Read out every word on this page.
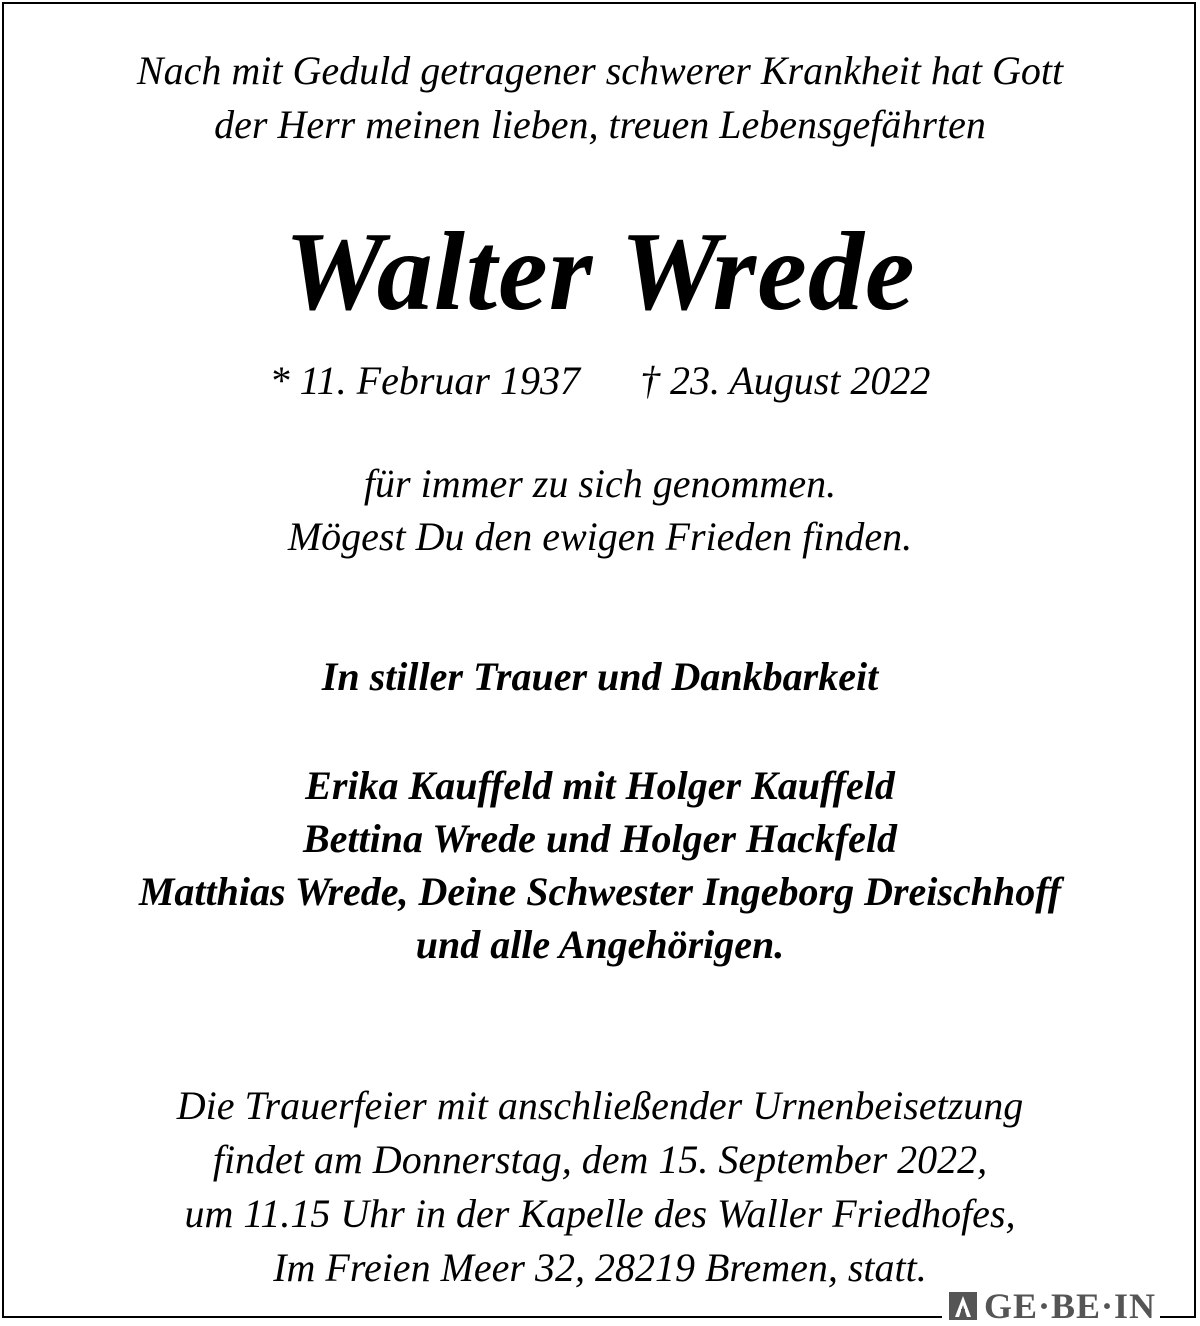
Nach mit Geduld getragener schwerer Krankheit hat Gott
der Herr meinen lieben, treuen Lebensgefährten
Walter Wrede
* 11. Februar 1937 † 23. August 2022
für immer zu sich genommen.
Mögest Du den ewigen Frieden finden.
In stiller Trauer und Dankbarkeit
Erika Kauffeld mit Holger Kauffeld
Bettina Wrede und Holger Hackfeld
Matthias Wrede, Deine Schwester Ingeborg Dreischhoff
und alle Angehörigen.
Die Trauerfeier mit anschließender Urnenbeisetzung
findet am Donnerstag, dem 15. September 2022,
um 11.15 Uhr in der Kapelle des Waller Friedhofes,
Im Freien Meer 32, 28219 Bremen, statt.
GE·BE·IN
